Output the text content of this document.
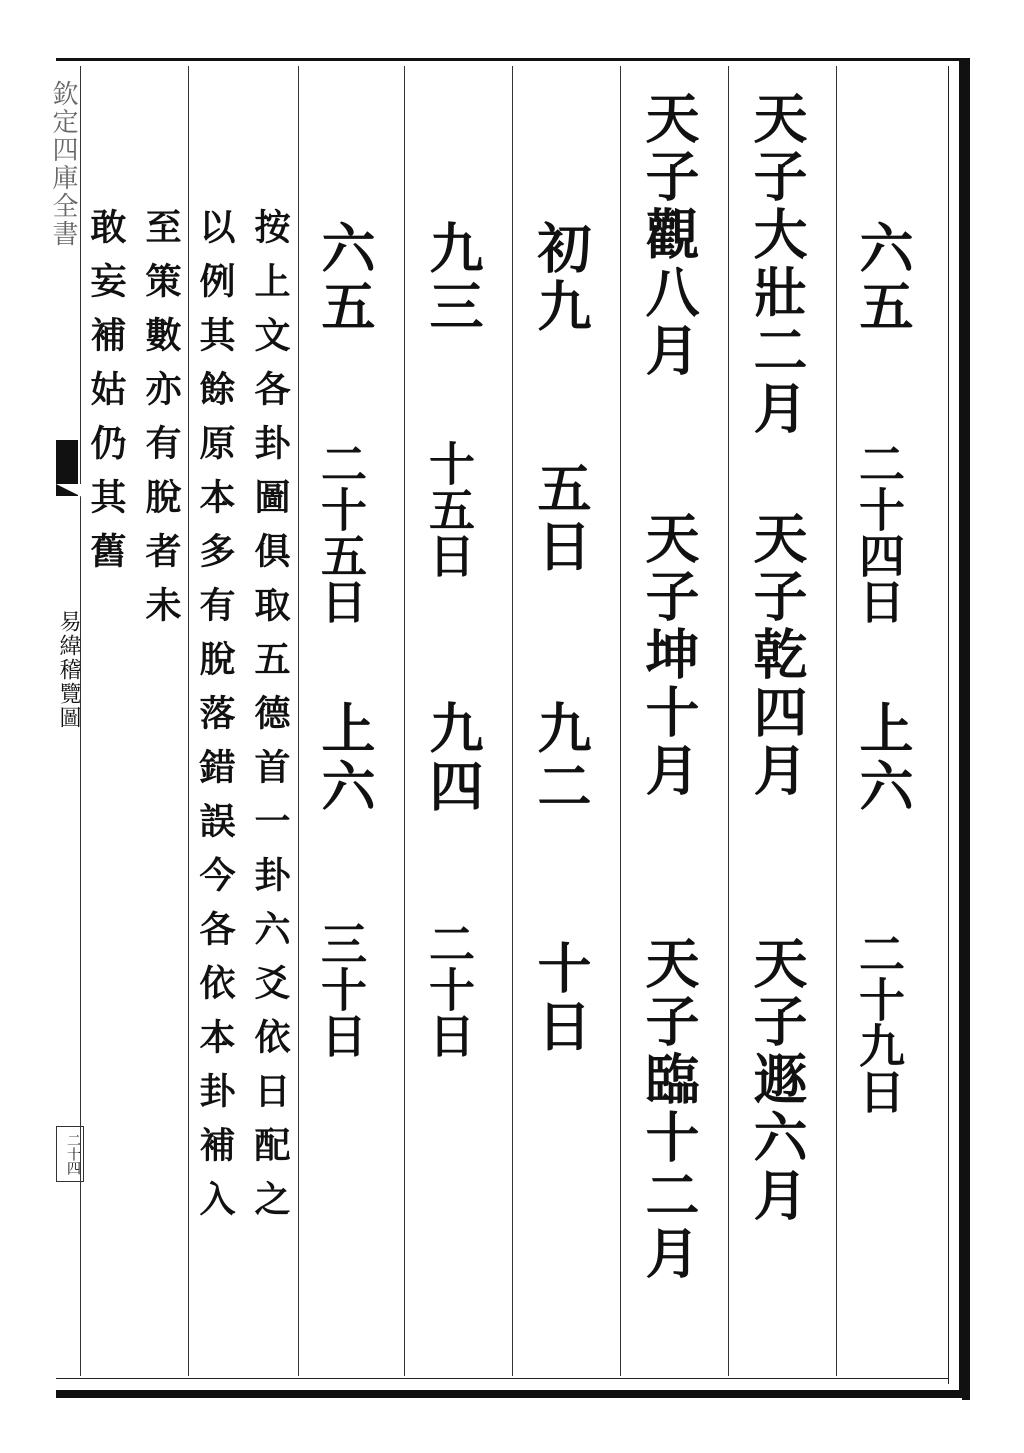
欽定四庫全書
易緯稽覽圖
二十四
六五
二十四日
上六
二十九日
天子大壯二月
天子乾四月
天子遯六月
天子觀八月
天子坤十月
天子臨十二月
初九
五日
九二
十日
九三
十五日
九四
二十日
六五
二十五日
上六
三十日
按上文各卦圖俱取五德首一卦六爻依日配之
以例其餘原本多有脫落錯誤今各依本卦補入
至策數亦有脫者未
敢妄補姑仍其舊
